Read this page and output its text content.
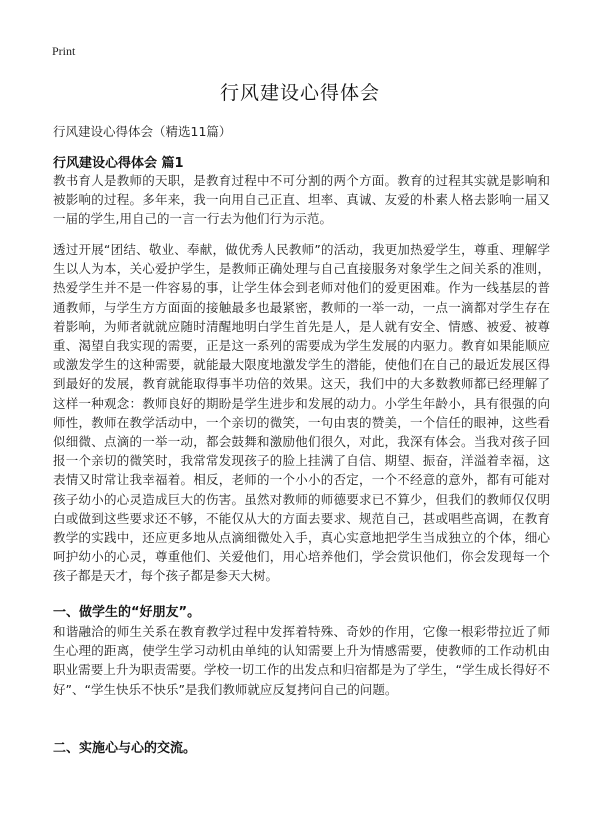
Print
行风建设心得体会
行风建设心得体会（精选11篇）
行风建设心得体会 篇1

教书育人是教师的天职，是教育过程中不可分割的两个方面。教育的过程其实就是影响和被影响的过程。多年来，我一向用自己正直、坦率、真诚、友爱的朴素人格去影响一届又一届的学生,用自己的一言一行去为他们行为示范。

透过开展“团结、敬业、奉献，做优秀人民教师”的活动，我更加热爱学生，尊重、理解学生以人为本，关心爱护学生，是教师正确处理与自己直接服务对象学生之间关系的准则，热爱学生并不是一件容易的事，让学生体会到老师对他们的爱更困难。作为一线基层的普通教师，与学生方方面面的接触最多也最紧密，教师的一举一动，一点一滴都对学生存在着影响，为师者就就应随时清醒地明白学生首先是人，是人就有安全、情感、被爱、被尊重、渴望自我实现的需要，正是这一系列的需要成为学生发展的内驱力。教育如果能顺应或激发学生的这种需要，就能最大限度地激发学生的潜能，使他们在自己的最近发展区得到最好的发展，教育就能取得事半功倍的效果。这天，我们中的大多数教师都已经理解了这样一种观念：教师良好的期盼是学生进步和发展的动力。小学生年龄小，具有很强的向师性，教师在教学活动中，一个亲切的微笑，一句由衷的赞美，一个信任的眼神，这些看似细微、点滴的一举一动，都会鼓舞和激励他们很久，对此，我深有体会。当我对孩子回报一个亲切的微笑时，我常常发现孩子的脸上挂满了自信、期望、振奋，洋溢着幸福，这表情又时常让我幸福着。相反，老师的一个小小的否定，一个不经意的意外，都有可能对孩子幼小的心灵造成巨大的伤害。虽然对教师的师德要求已不算少，但我们的教师仅仅明白或做到这些要求还不够，不能仅从大的方面去要求、规范自己，甚或唱些高调，在教育教学的实践中，还应更多地从点滴细微处入手，真心实意地把学生当成独立的个体，细心呵护幼小的心灵，尊重他们、关爱他们，用心培养他们，学会赏识他们，你会发现每一个孩子都是天才，每个孩子都是参天大树。

一、做学生的“好朋友”。

和谐融洽的师生关系在教育教学过程中发挥着特殊、奇妙的作用，它像一根彩带拉近了师生心理的距离，使学生学习动机由单纯的认知需要上升为情感需要，使教师的工作动机由职业需要上升为职责需要。学校一切工作的出发点和归宿都是为了学生，“学生成长得好不好”、“学生快乐不快乐”是我们教师就应反复拷问自己的问题。

二、实施心与心的交流。
